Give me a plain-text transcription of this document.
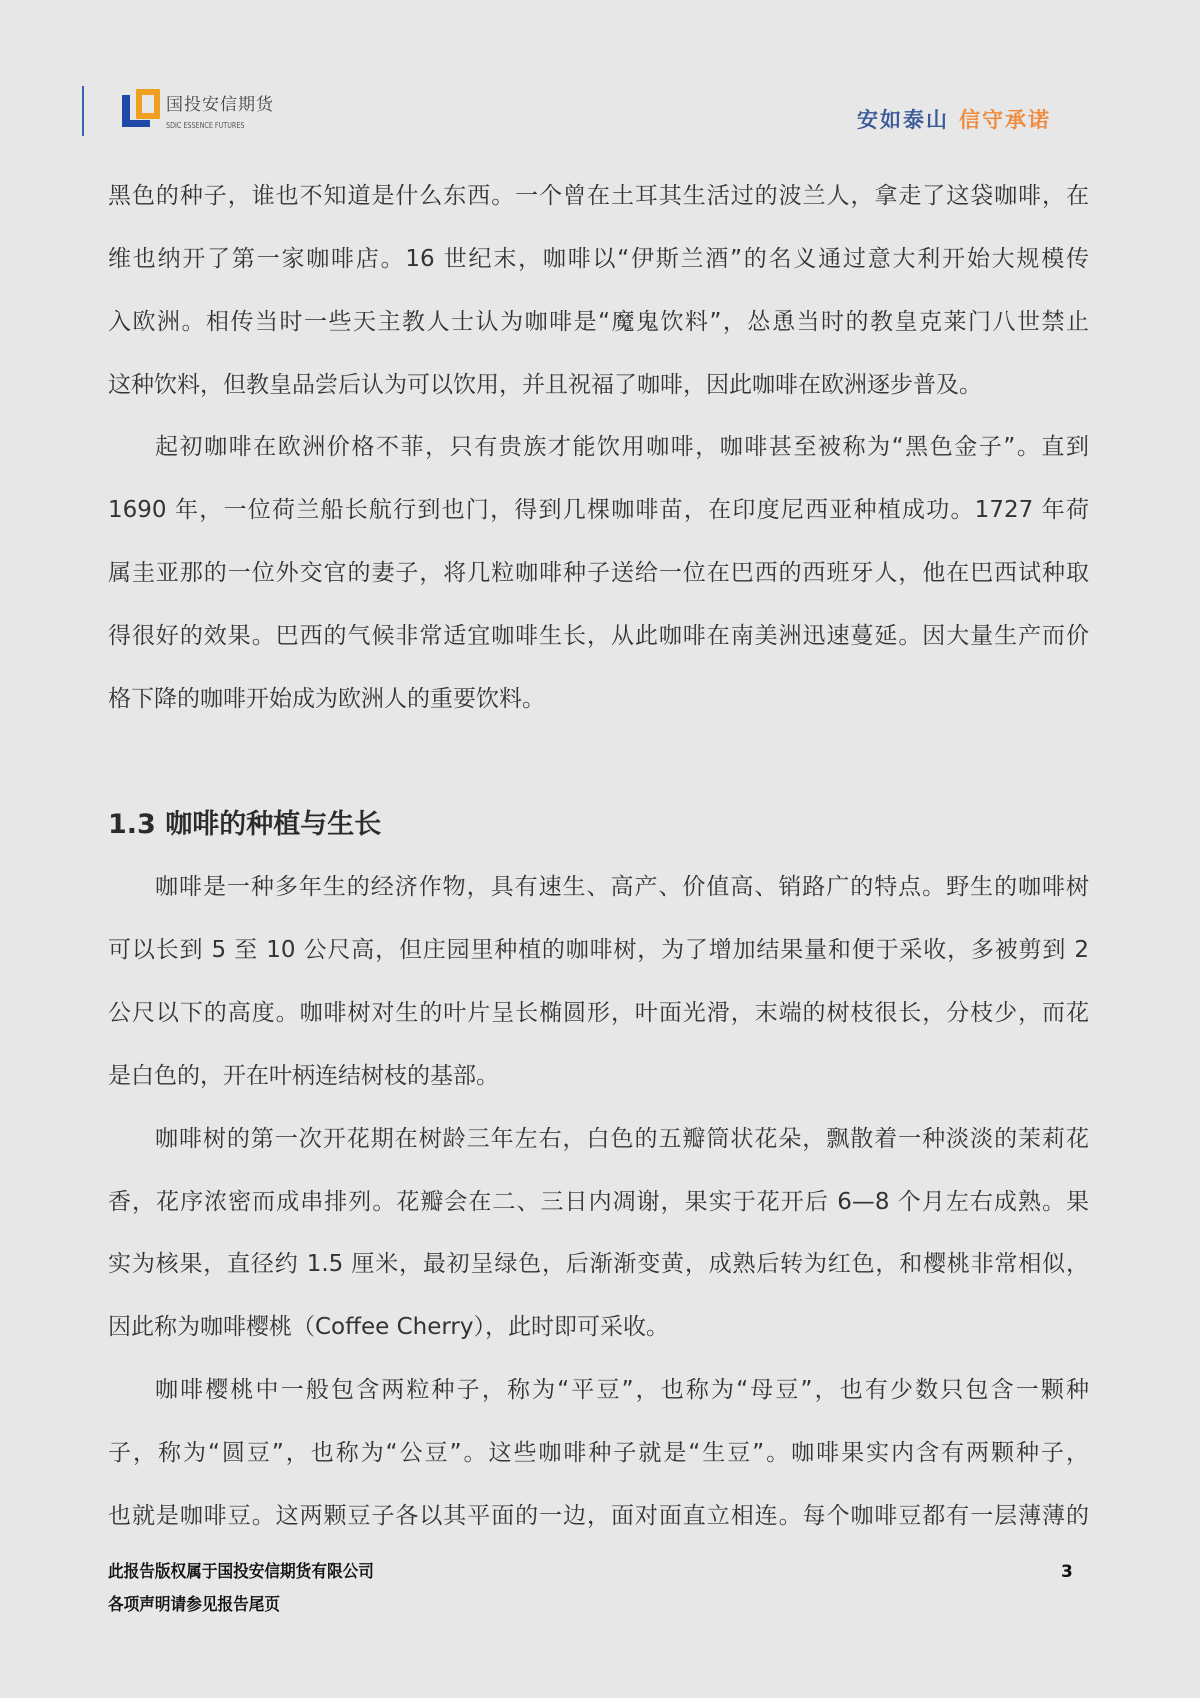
国投安信期货
SDIC ESSENCE FUTURES	安如泰山 信守承诺
黑色的种子，谁也不知道是什么东西。一个曾在土耳其生活过的波兰人，拿走了这袋咖啡，在
维也纳开了第一家咖啡店。16 世纪末，咖啡以“伊斯兰酒”的名义通过意大利开始大规模传
入欧洲。相传当时一些天主教人士认为咖啡是“魔鬼饮料”，怂恿当时的教皇克莱门八世禁止
这种饮料，但教皇品尝后认为可以饮用，并且祝福了咖啡，因此咖啡在欧洲逐步普及。
起初咖啡在欧洲价格不菲，只有贵族才能饮用咖啡，咖啡甚至被称为“黑色金子”。直到
1690 年，一位荷兰船长航行到也门，得到几棵咖啡苗，在印度尼西亚种植成功。1727 年荷
属圭亚那的一位外交官的妻子，将几粒咖啡种子送给一位在巴西的西班牙人，他在巴西试种取
得很好的效果。巴西的气候非常适宜咖啡生长，从此咖啡在南美洲迅速蔓延。因大量生产而价
格下降的咖啡开始成为欧洲人的重要饮料。
1.3 咖啡的种植与生长
咖啡是一种多年生的经济作物，具有速生、高产、价值高、销路广的特点。野生的咖啡树
可以长到 5 至 10 公尺高，但庄园里种植的咖啡树，为了增加结果量和便于采收，多被剪到 2
公尺以下的高度。咖啡树对生的叶片呈长椭圆形，叶面光滑，末端的树枝很长，分枝少，而花
是白色的，开在叶柄连结树枝的基部。
咖啡树的第一次开花期在树龄三年左右，白色的五瓣筒状花朵，飘散着一种淡淡的茉莉花
香，花序浓密而成串排列。花瓣会在二、三日内凋谢，果实于花开后 6—8 个月左右成熟。果
实为核果，直径约 1.5 厘米，最初呈绿色，后渐渐变黄，成熟后转为红色，和樱桃非常相似，
因此称为咖啡樱桃（Coffee Cherry），此时即可采收。
咖啡樱桃中一般包含两粒种子，称为“平豆”，也称为“母豆”，也有少数只包含一颗种
子，称为“圆豆”，也称为“公豆”。这些咖啡种子就是“生豆”。咖啡果实内含有两颗种子，
也就是咖啡豆。这两颗豆子各以其平面的一边，面对面直立相连。每个咖啡豆都有一层薄薄的
此报告版权属于国投安信期货有限公司
各项声明请参见报告尾页
3
